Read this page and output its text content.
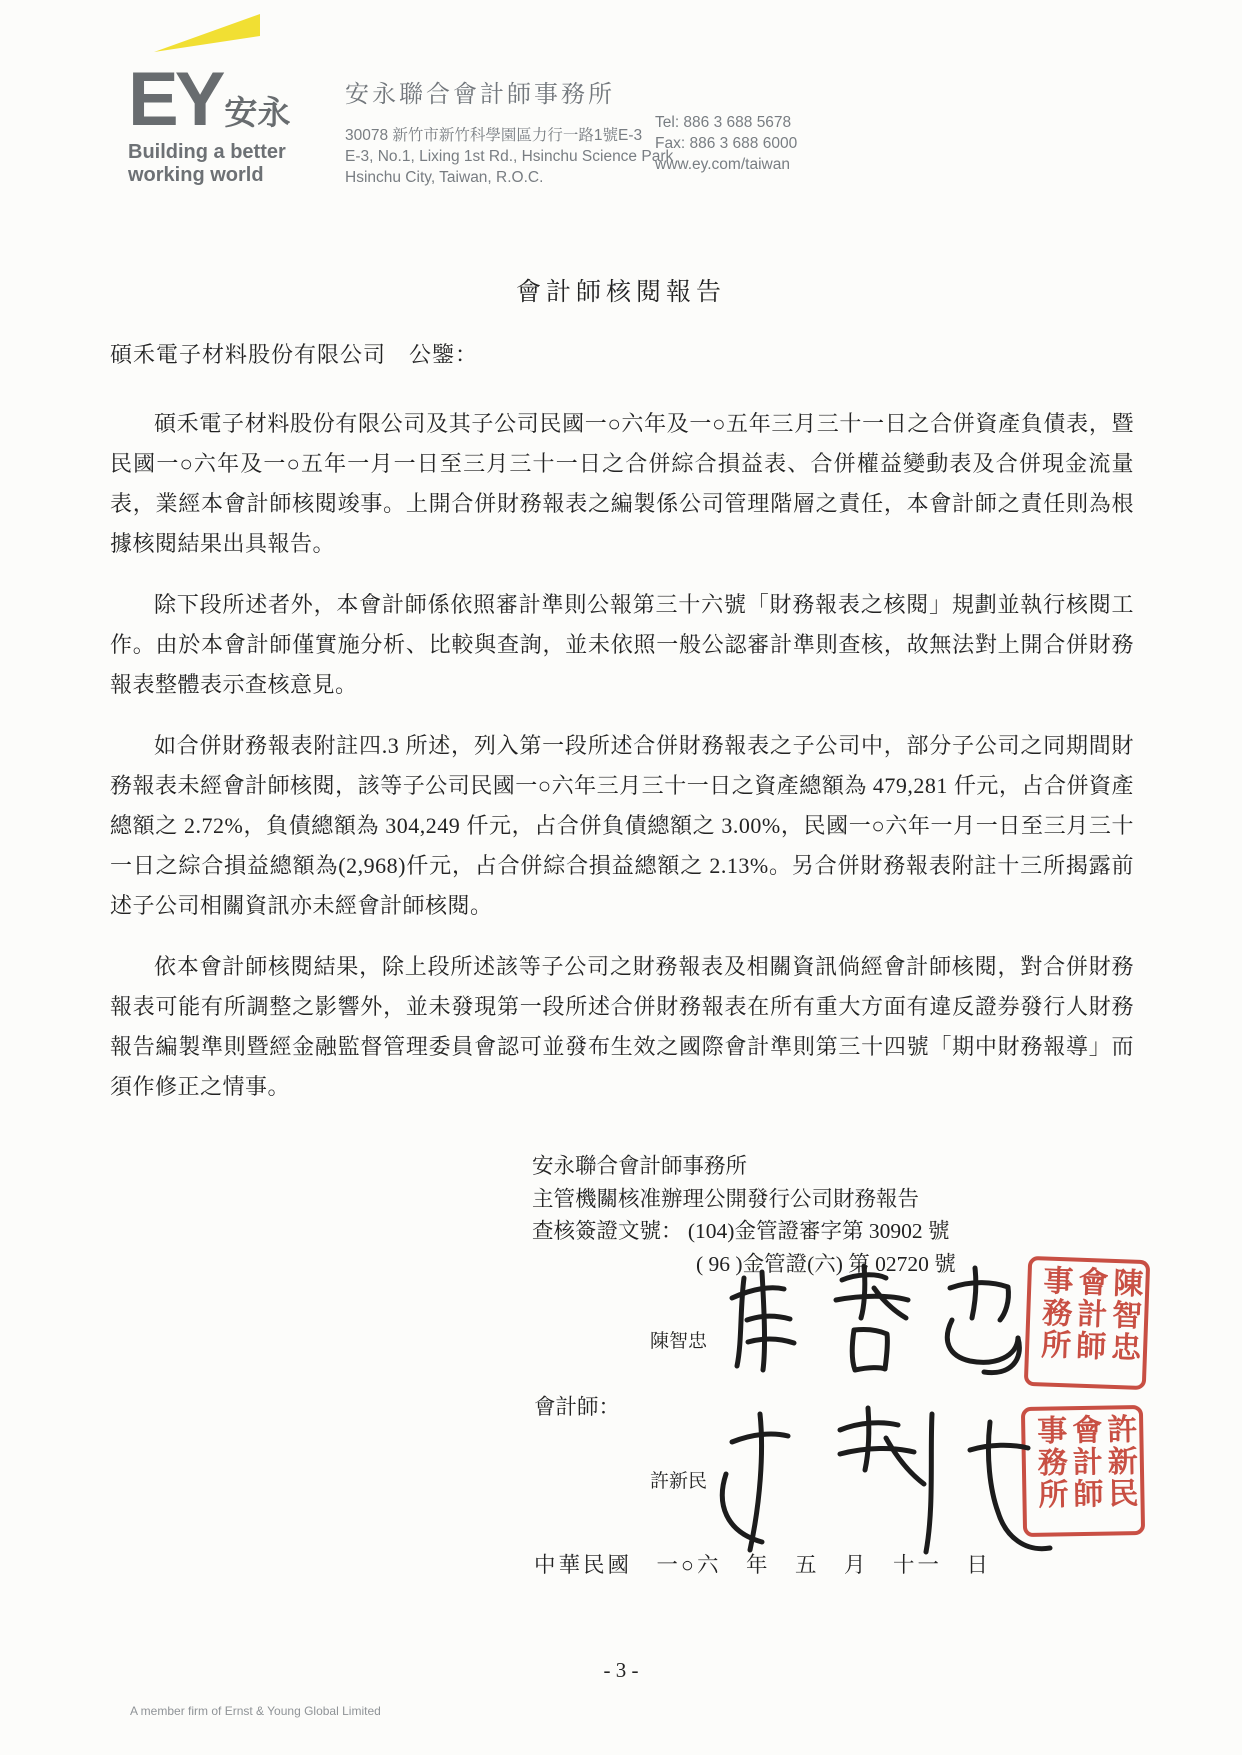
EY 安永
Building a better
working world
安永聯合會計師事務所
30078 新竹市新竹科學園區力行一路1號E-3
E-3, No.1, Lixing 1st Rd., Hsinchu Science Park
Hsinchu City, Taiwan, R.O.C.
Tel: 886 3 688 5678
Fax: 886 3 688 6000
www.ey.com/taiwan
會計師核閱報告
碩禾電子材料股份有限公司　公鑒：

碩禾電子材料股份有限公司及其子公司民國一○六年及一○五年三月三十一日之合併資產負債表，暨民國一○六年及一○五年一月一日至三月三十一日之合併綜合損益表、合併權益變動表及合併現金流量表，業經本會計師核閱竣事。上開合併財務報表之編製係公司管理階層之責任，本會計師之責任則為根據核閱結果出具報告。

除下段所述者外，本會計師係依照審計準則公報第三十六號「財務報表之核閱」規劃並執行核閱工作。由於本會計師僅實施分析、比較與查詢，並未依照一般公認審計準則查核，故無法對上開合併財務報表整體表示查核意見。

如合併財務報表附註四.3 所述，列入第一段所述合併財務報表之子公司中，部分子公司之同期間財務報表未經會計師核閱，該等子公司民國一○六年三月三十一日之資產總額為 479,281 仟元，占合併資產總額之 2.72%，負債總額為 304,249 仟元，占合併負債總額之 3.00%，民國一○六年一月一日至三月三十一日之綜合損益總額為(2,968)仟元，占合併綜合損益總額之 2.13%。另合併財務報表附註十三所揭露前述子公司相關資訊亦未經會計師核閱。

依本會計師核閱結果，除上段所述該等子公司之財務報表及相關資訊倘經會計師核閱，對合併財務報表可能有所調整之影響外，並未發現第一段所述合併財務報表在所有重大方面有違反證券發行人財務報告編製準則暨經金融監督管理委員會認可並發布生效之國際會計準則第三十四號「期中財務報導」而須作修正之情事。

安永聯合會計師事務所
主管機關核准辦理公開發行公司財務報告
查核簽證文號： (104)金管證審字第 30902 號
( 96 )金管證(六) 第 02720 號
陳智忠
會計師：
許新民
陳智忠會計師事務所
許新民會計師事務所
中華民國　一○六　年　五　月　十一　日
- 3 -
A member firm of Ernst & Young Global Limited
